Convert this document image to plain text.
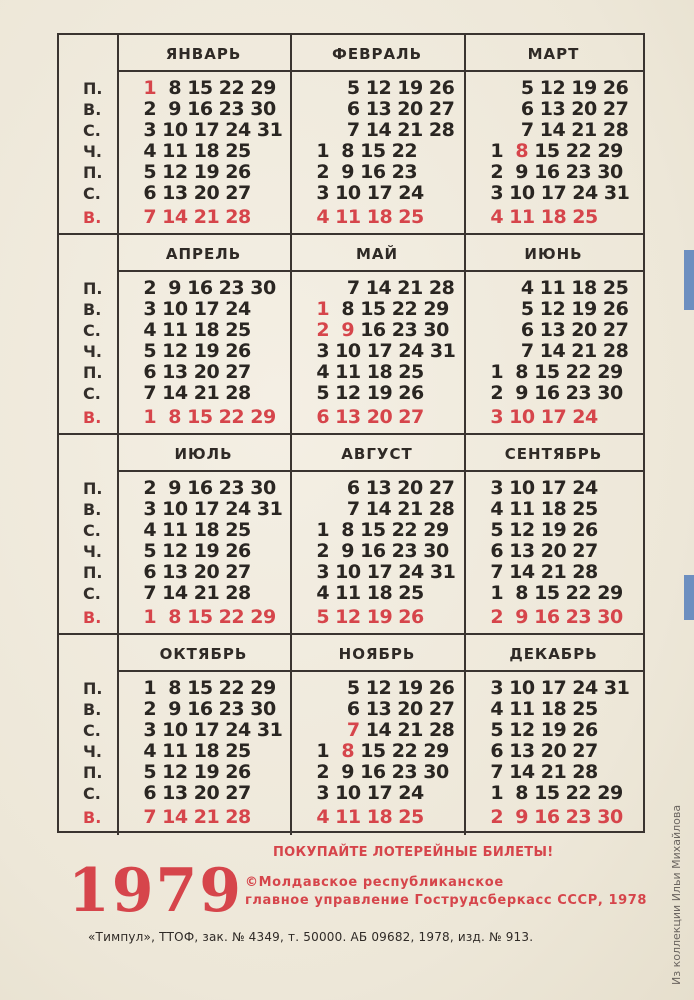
П.
В.
С.
Ч.
П.
С.
В.
ЯНВАРЬ
1 8 15 22 29
2  9 16 23 30
3 10 17 24 31
4 11 18 25
5 12 19 26
6 13 20 27
7 14 21 28
ФЕВРАЛЬ
5 12 19 26
6 13 20 27
7 14 21 28
1  8 15 22
2  9 16 23
3 10 17 24
4 11 18 25
МАРТ
5 12 19 26
6 13 20 27
7 14 21 28
1 8 15 22 29
2  9 16 23 30
3 10 17 24 31
4 11 18 25
П.
В.
С.
Ч.
П.
С.
В.
АПРЕЛЬ
2  9 16 23 30
3 10 17 24
4 11 18 25
5 12 19 26
6 13 20 27
7 14 21 28
1  8 15 22 29
МАЙ
7 14 21 28
1 8 15 22 29
2 9 16 23 30
3 10 17 24 31
4 11 18 25
5 12 19 26
6 13 20 27
ИЮНЬ
4 11 18 25
5 12 19 26
6 13 20 27
7 14 21 28
1  8 15 22 29
2  9 16 23 30
3 10 17 24
П.
В.
С.
Ч.
П.
С.
В.
ИЮЛЬ
2  9 16 23 30
3 10 17 24 31
4 11 18 25
5 12 19 26
6 13 20 27
7 14 21 28
1  8 15 22 29
АВГУСТ
6 13 20 27
7 14 21 28
1  8 15 22 29
2  9 16 23 30
3 10 17 24 31
4 11 18 25
5 12 19 26
СЕНТЯБРЬ
3 10 17 24
4 11 18 25
5 12 19 26
6 13 20 27
7 14 21 28
1  8 15 22 29
2  9 16 23 30
П.
В.
С.
Ч.
П.
С.
В.
ОКТЯБРЬ
1  8 15 22 29
2  9 16 23 30
3 10 17 24 31
4 11 18 25
5 12 19 26
6 13 20 27
7 14 21 28
НОЯБРЬ
5 12 19 26
6 13 20 27
7 14 21 28
1 8 15 22 29
2  9 16 23 30
3 10 17 24
4 11 18 25
ДЕКАБРЬ
3 10 17 24 31
4 11 18 25
5 12 19 26
6 13 20 27
7 14 21 28
1  8 15 22 29
2  9 16 23 30
ПОКУПАЙТЕ ЛОТЕРЕЙНЫЕ БИЛЕТЫ!
1979 ©Молдавское республиканское
главное управление Гострудсберкасс СССР, 1978
«Тимпул», ТТОФ, зак. № 4349, т. 50000. АБ 09682, 1978, изд. № 913.	Из коллекции Ильи Михайлова
